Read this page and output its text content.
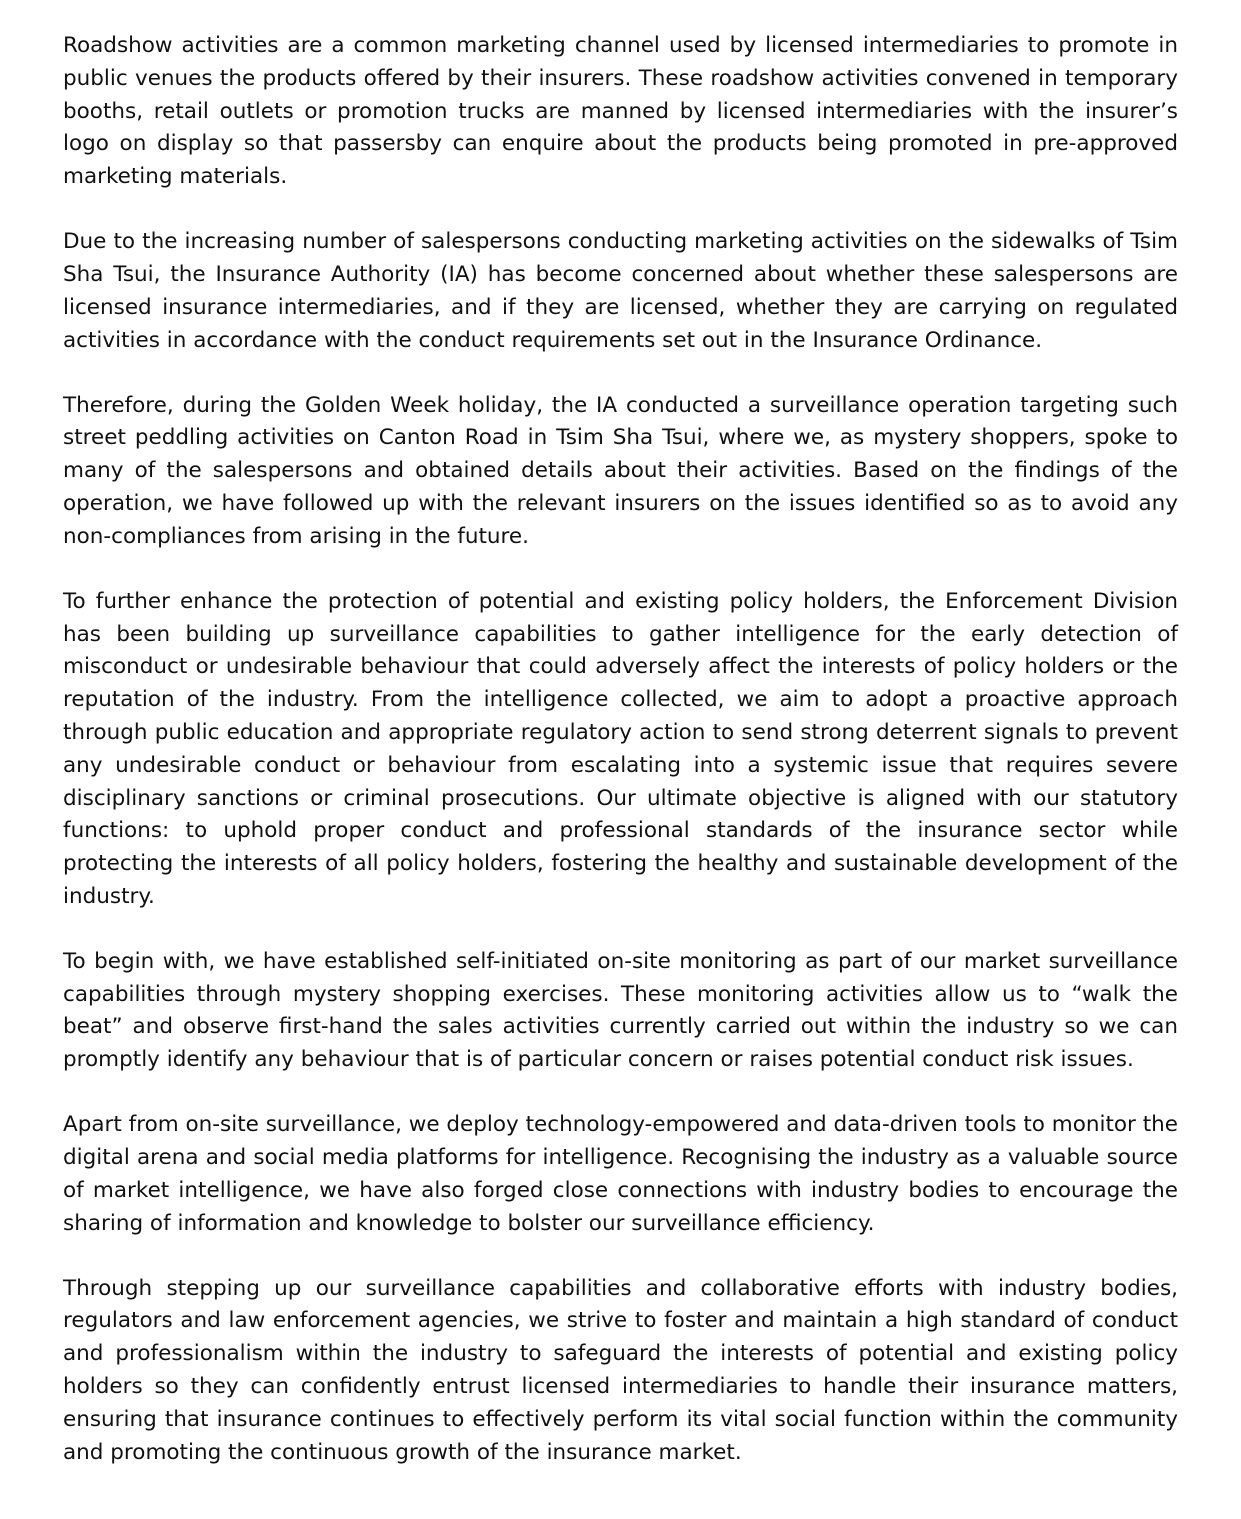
Roadshow activities are a common marketing channel used by licensed intermediaries to promote in public venues the products offered by their insurers. These roadshow activities convened in temporary booths, retail outlets or promotion trucks are manned by licensed intermediaries with the insurer’s logo on display so that passersby can enquire about the products being promoted in pre-approved marketing materials.

Due to the increasing number of salespersons conducting marketing activities on the sidewalks of Tsim Sha Tsui, the Insurance Authority (IA) has become concerned about whether these salespersons are licensed insurance intermediaries, and if they are licensed, whether they are carrying on regulated activities in accordance with the conduct requirements set out in the Insurance Ordinance.

Therefore, during the Golden Week holiday, the IA conducted a surveillance operation targeting such street peddling activities on Canton Road in Tsim Sha Tsui, where we, as mystery shoppers, spoke to many of the salespersons and obtained details about their activities. Based on the findings of the operation, we have followed up with the relevant insurers on the issues identified so as to avoid any non-compliances from arising in the future.

To further enhance the protection of potential and existing policy holders, the Enforcement Division has been building up surveillance capabilities to gather intelligence for the early detection of misconduct or undesirable behaviour that could adversely affect the interests of policy holders or the reputation of the industry. From the intelligence collected, we aim to adopt a proactive approach through public education and appropriate regulatory action to send strong deterrent signals to prevent any undesirable conduct or behaviour from escalating into a systemic issue that requires severe disciplinary sanctions or criminal prosecutions. Our ultimate objective is aligned with our statutory functions: to uphold proper conduct and professional standards of the insurance sector while protecting the interests of all policy holders, fostering the healthy and sustainable development of the industry.

To begin with, we have established self-initiated on-site monitoring as part of our market surveillance capabilities through mystery shopping exercises. These monitoring activities allow us to “walk the beat” and observe first-hand the sales activities currently carried out within the industry so we can promptly identify any behaviour that is of particular concern or raises potential conduct risk issues.

Apart from on-site surveillance, we deploy technology-empowered and data-driven tools to monitor the digital arena and social media platforms for intelligence. Recognising the industry as a valuable source of market intelligence, we have also forged close connections with industry bodies to encourage the sharing of information and knowledge to bolster our surveillance efficiency.

Through stepping up our surveillance capabilities and collaborative efforts with industry bodies, regulators and law enforcement agencies, we strive to foster and maintain a high standard of conduct and professionalism within the industry to safeguard the interests of potential and existing policy holders so they can confidently entrust licensed intermediaries to handle their insurance matters, ensuring that insurance continues to effectively perform its vital social function within the community and promoting the continuous growth of the insurance market.
